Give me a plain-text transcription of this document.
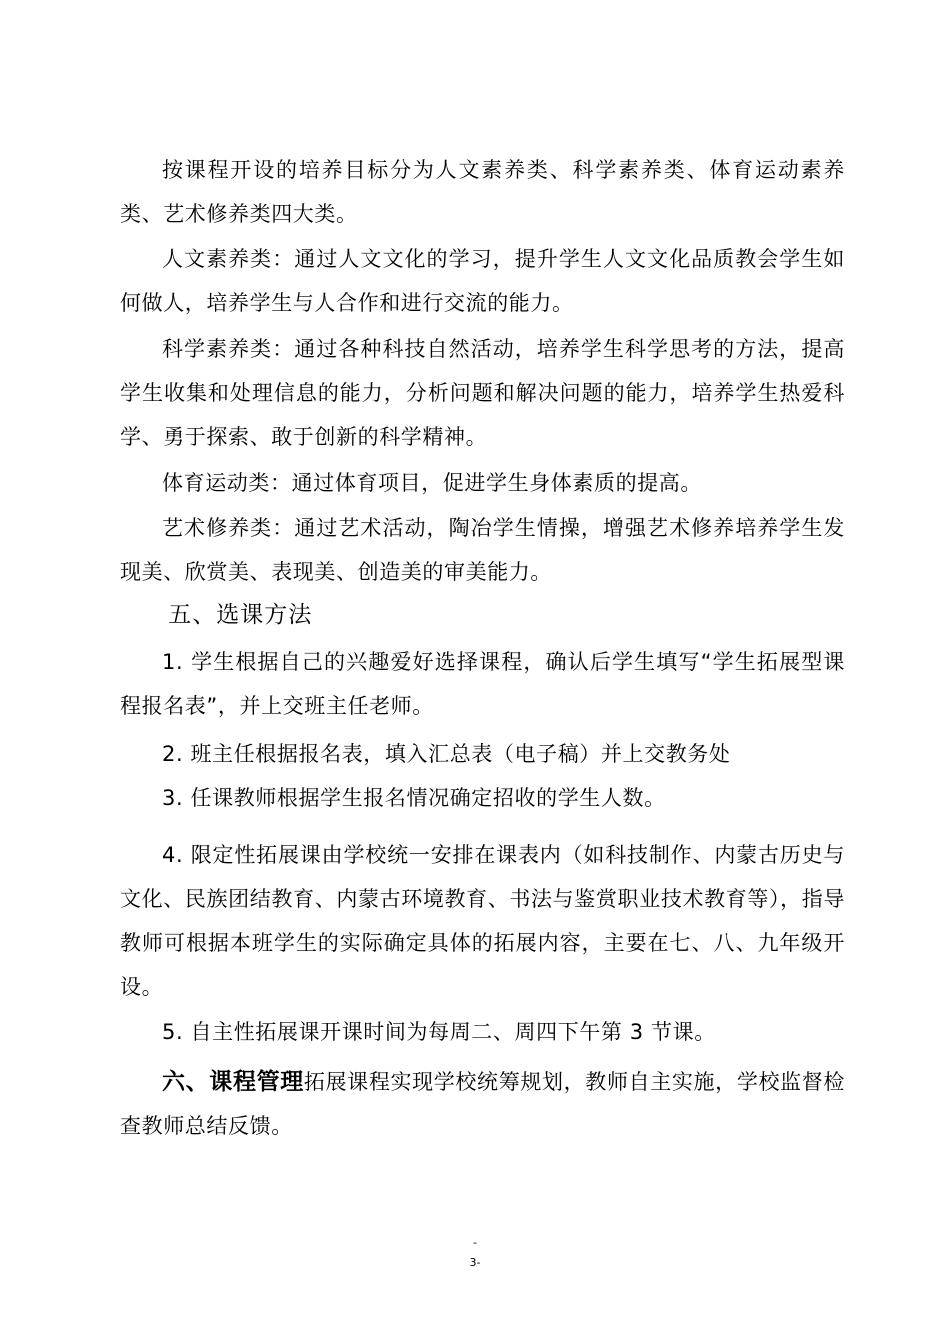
按课程开设的培养目标分为人文素养类、科学素养类、体育运动素养类、艺术修养类四大类。

人文素养类：通过人文文化的学习，提升学生人文文化品质教会学生如何做人，培养学生与人合作和进行交流的能力。

科学素养类：通过各种科技自然活动，培养学生科学思考的方法，提高学生收集和处理信息的能力，分析问题和解决问题的能力，培养学生热爱科学、勇于探索、敢于创新的科学精神。

体育运动类：通过体育项目，促进学生身体素质的提高。

艺术修养类：通过艺术活动，陶冶学生情操，增强艺术修养培养学生发现美、欣赏美、表现美、创造美的审美能力。

五、选课方法

1. 学生根据自己的兴趣爱好选择课程，确认后学生填写“学生拓展型课程报名表”，并上交班主任老师。

2. 班主任根据报名表，填入汇总表（电子稿）并上交教务处

3. 任课教师根据学生报名情况确定招收的学生人数。

4. 限定性拓展课由学校统一安排在课表内（如科技制作、内蒙古历史与文化、民族团结教育、内蒙古环境教育、书法与鉴赏职业技术教育等），指导教师可根据本班学生的实际确定具体的拓展内容，主要在七、八、九年级开设。

5. 自主性拓展课开课时间为每周二、周四下午第 3 节课。

六、课程管理拓展课程实现学校统筹规划，教师自主实施，学校监督检查教师总结反馈。

-
3-
